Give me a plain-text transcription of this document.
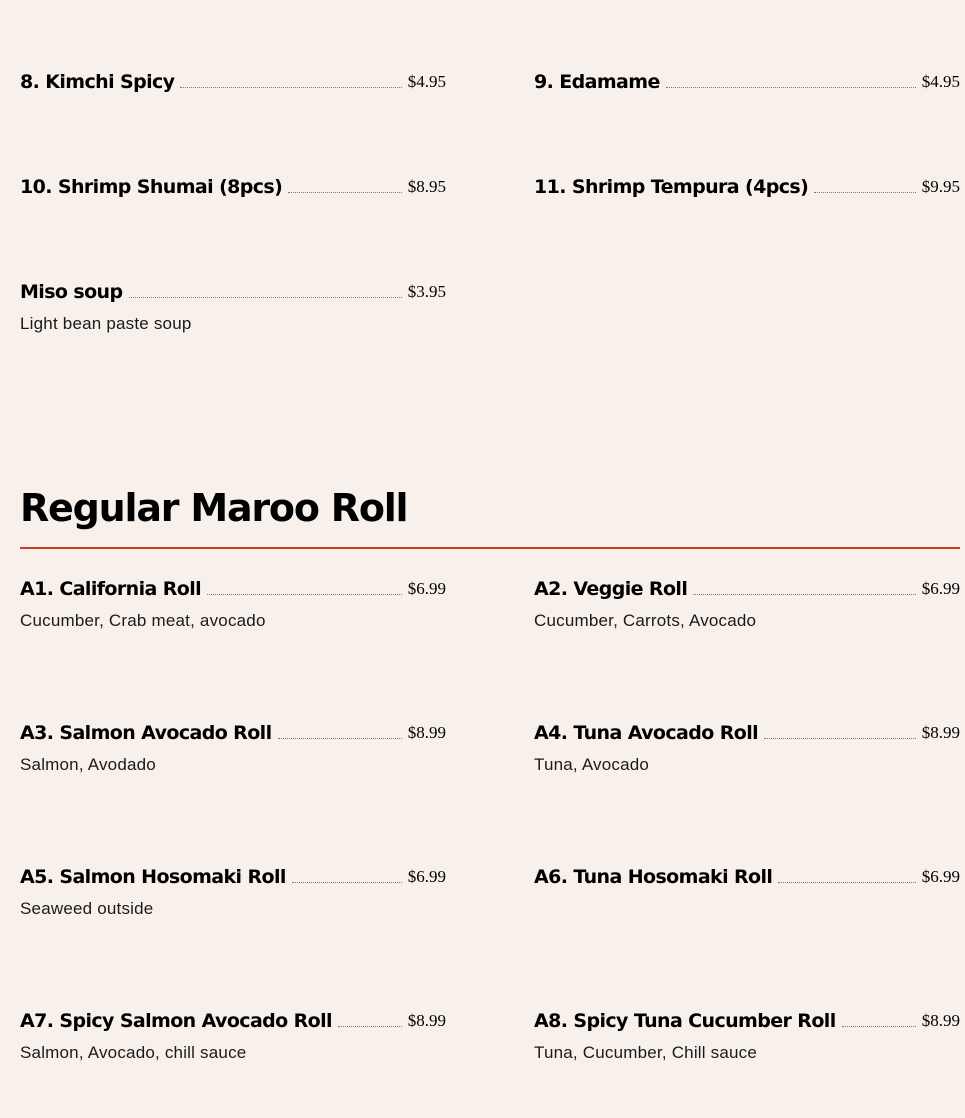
8. Kimchi Spicy	$4.95	9. Edamame	$4.95
10. Shrimp Shumai (8pcs)	$8.95	11. Shrimp Tempura (4pcs)	$9.95
Miso soup	$3.95
Light bean paste soup
Regular Maroo Roll
A1. California Roll	$6.99
Cucumber, Crab meat, avocado
A2. Veggie Roll	$6.99
Cucumber, Carrots, Avocado
A3. Salmon Avocado Roll	$8.99
Salmon, Avodado
A4. Tuna Avocado Roll	$8.99
Tuna, Avocado
A5. Salmon Hosomaki Roll	$6.99
Seaweed outside
A6. Tuna Hosomaki Roll	$6.99
A7. Spicy Salmon Avocado Roll	$8.99
Salmon, Avocado, chill sauce
A8. Spicy Tuna Cucumber Roll	$8.99
Tuna, Cucumber, Chill sauce
